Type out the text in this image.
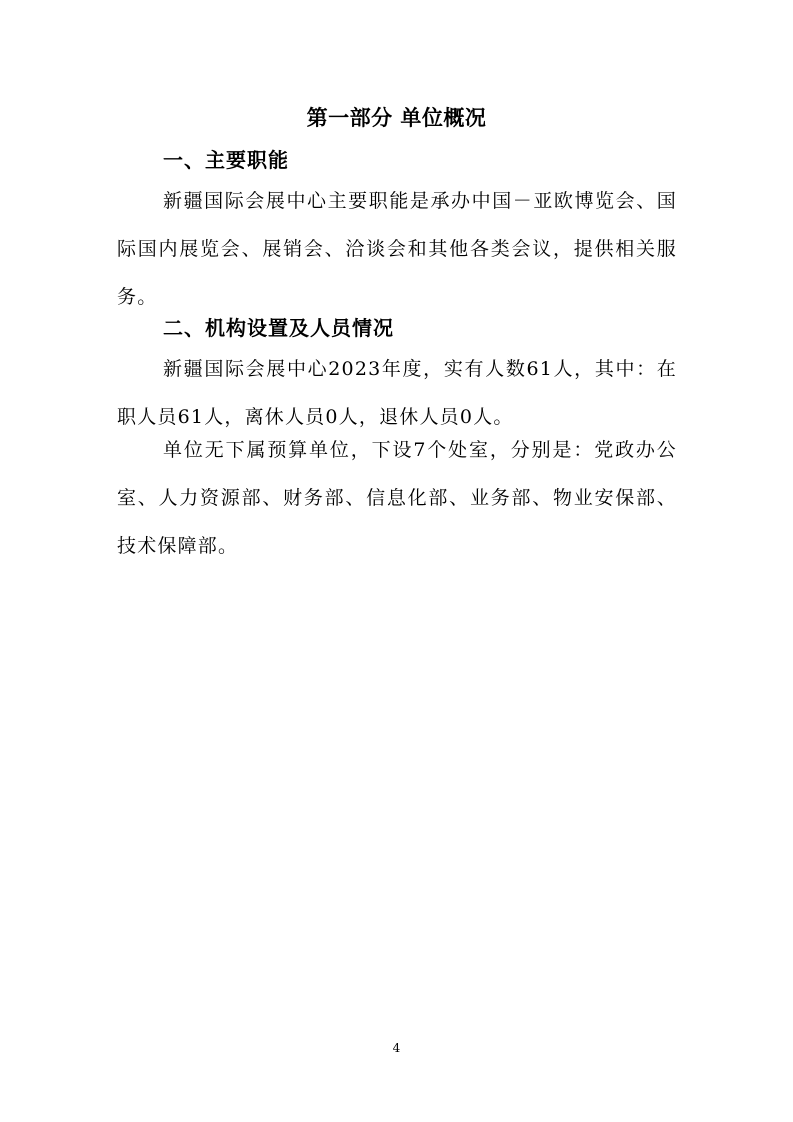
第一部分 单位概况
一、主要职能
新疆国际会展中心主要职能是承办中国－亚欧博览会、国际国内展览会、展销会、洽谈会和其他各类会议，提供相关服务。
二、机构设置及人员情况
新疆国际会展中心2023年度，实有人数61人，其中：在职人员61人，离休人员0人，退休人员0人。
单位无下属预算单位，下设7个处室，分别是：党政办公室、人力资源部、财务部、信息化部、业务部、物业安保部、技术保障部。
4
